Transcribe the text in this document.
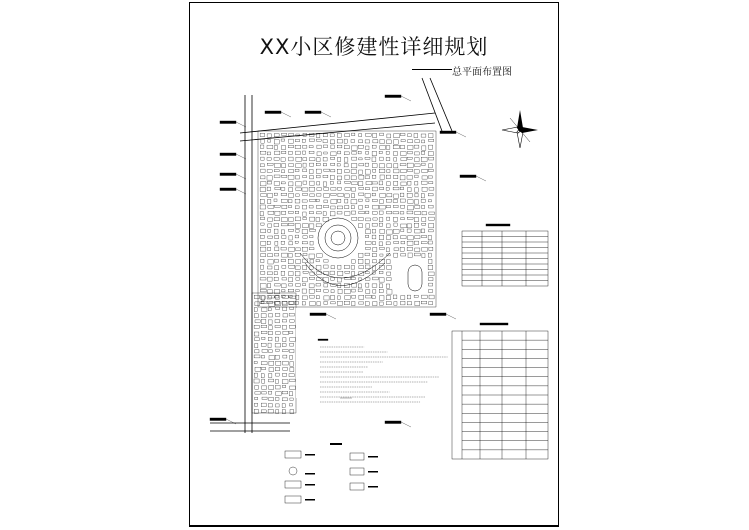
XX小区修建性详细规划
总平面布置图
